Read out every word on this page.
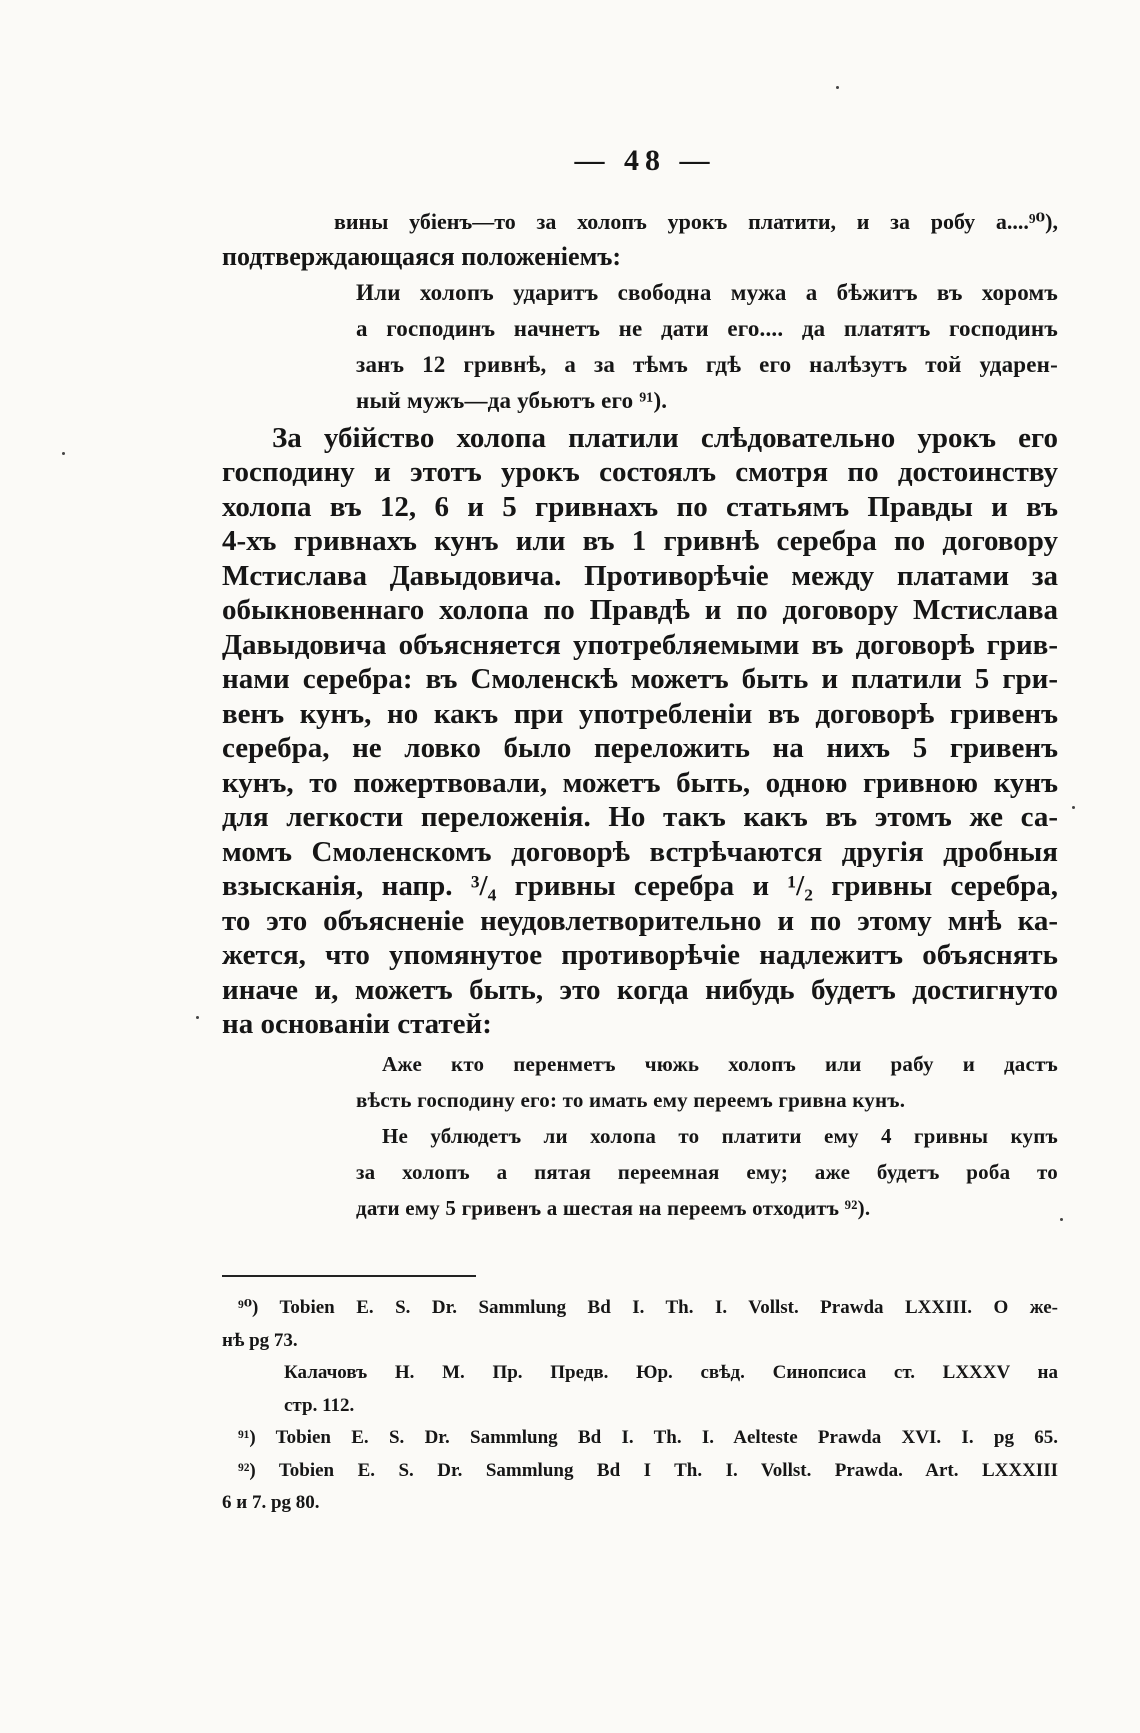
— 48 —
вины убіенъ—то за холопъ урокъ платити, и за робу а....⁹⁰),
подтверждающаяся положеніемъ:
Или холопъ ударитъ свободна мужа а бѣжитъ въ хоромъ
а господинъ начнетъ не дати его.... да платятъ господинъ
занъ 12 гривнѣ, а за тѣмъ гдѣ его налѣзутъ той ударен-
ный мужъ—да убьютъ его ⁹¹).
За убійство холопа платили слѣдовательно урокъ его
господину и этотъ урокъ состоялъ смотря по достоинству
холопа въ 12, 6 и 5 гривнахъ по статьямъ Правды и въ
4-хъ гривнахъ кунъ или въ 1 гривнѣ серебра по договору
Мстислава Давыдовича. Противорѣчіе между платами за
обыкновеннаго холопа по Правдѣ и по договору Мстислава
Давыдовича объясняется употребляемыми въ договорѣ грив-
нами серебра: въ Смоленскѣ можетъ быть и платили 5 гри-
венъ кунъ, но какъ при употребленіи въ договорѣ гривенъ
серебра, не ловко было переложить на нихъ 5 гривенъ
кунъ, то пожертвовали, можетъ быть, одною гривною кунъ
для легкости переложенія. Но такъ какъ въ этомъ же са-
момъ Смоленскомъ договорѣ встрѣчаются другія дробныя
взысканія, напр. ³/₄ гривны серебра и ¹/₂ гривны серебра,
то это объясненіе неудовлетворительно и по этому мнѣ ка-
жется, что упомянутое противорѣчіе надлежитъ объяснять
иначе и, можетъ быть, это когда нибудь будетъ достигнуто
на основаніи статей:
Аже кто перенметъ чюжь холопъ или рабу и дастъ
вѣсть господину его: то имать ему переемъ гривна кунъ.
Не ублюдетъ ли холопа то платити ему 4 гривны купъ
за холопъ а пятая переемная ему; аже будетъ роба то
дати ему 5 гривенъ а шестая на переемъ отходитъ ⁹²).
⁹⁰) Tobien E. S. Dr. Sammlung Bd I. Th. I. Vollst. Prawda LXXIII. О же-
нѣ pg 73.
Калачовъ Н. М. Пр. Предв. Юр. свѣд. Синопсиса ст. LXXXV на
стр. 112.
⁹¹) Tobien E. S. Dr. Sammlung Bd I. Th. I. Aelteste Prawda XVI. I. pg 65.
⁹²) Tobien E. S. Dr. Sammlung Bd I Th. I. Vollst. Prawda. Art. LXXXIII
6 и 7. pg 80.
